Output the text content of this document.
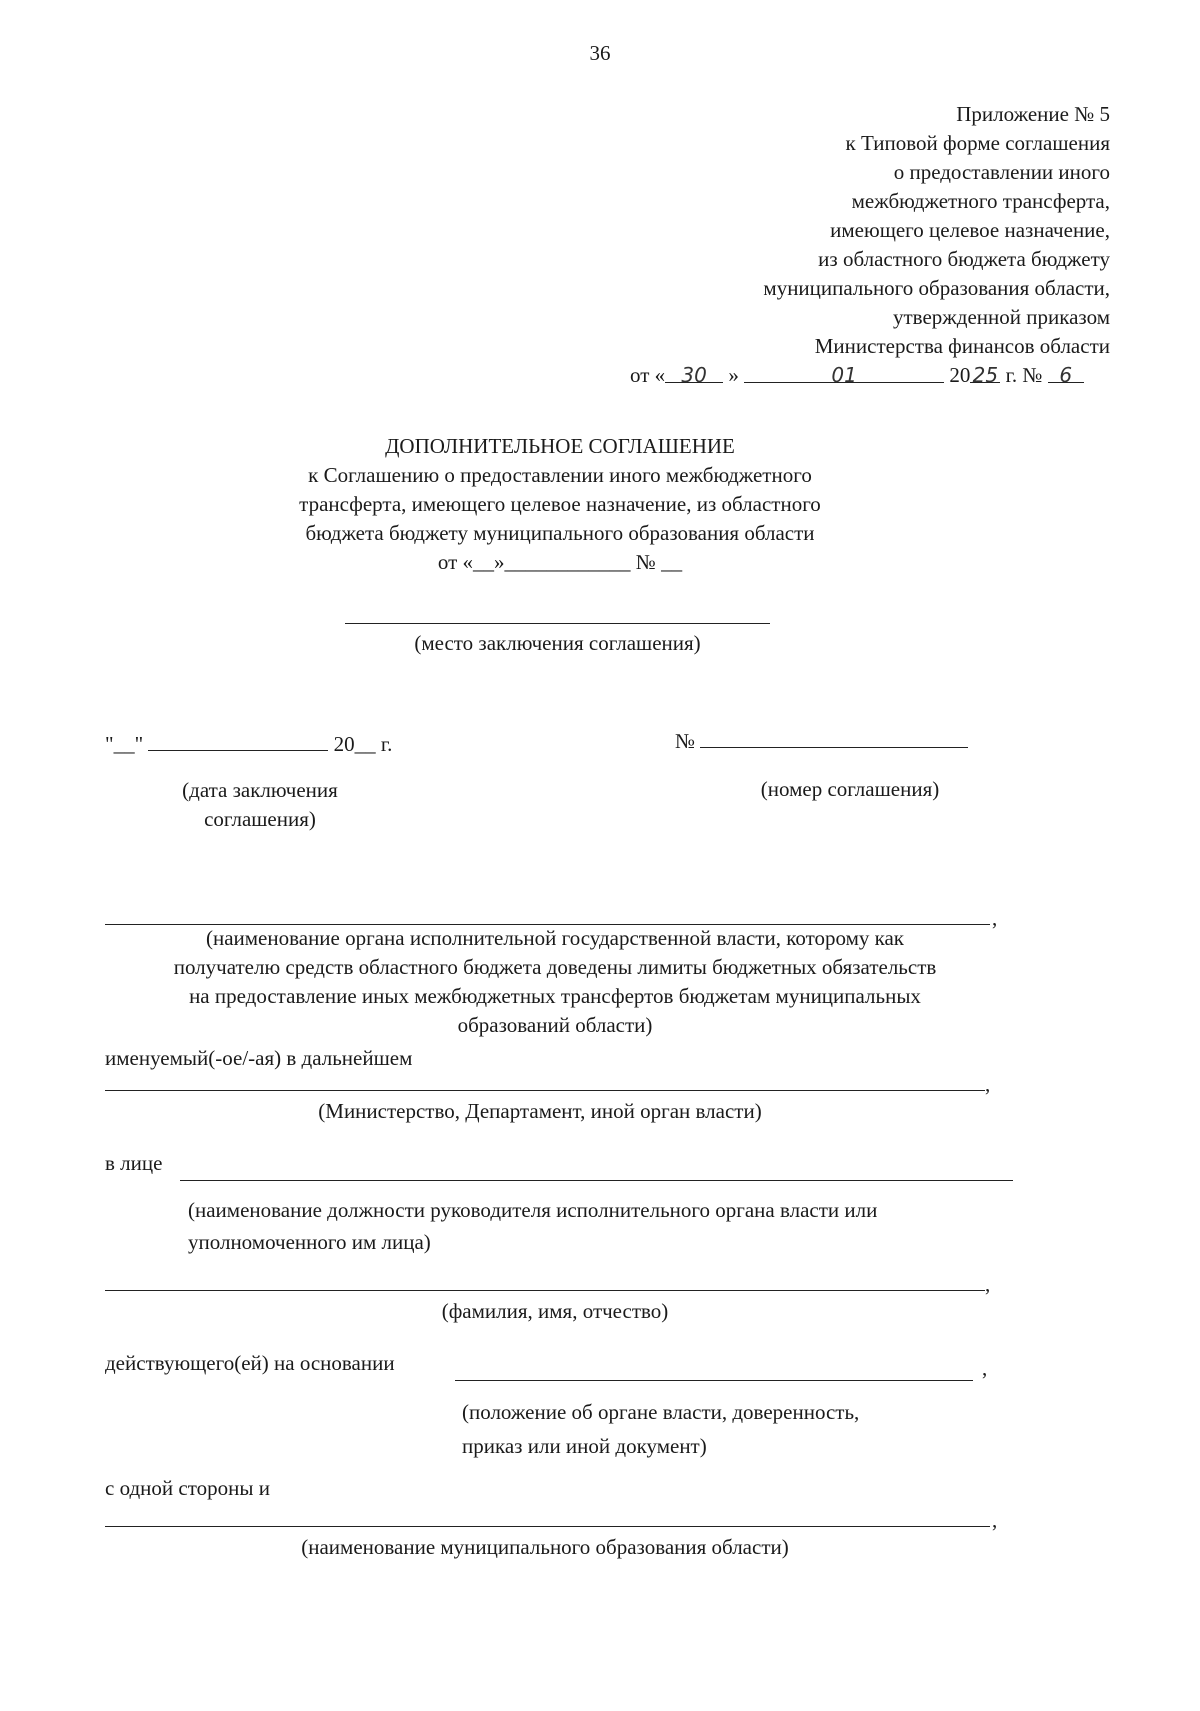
36
Приложение № 5
к Типовой форме соглашения
о предоставлении иного
межбюджетного трансферта,
имеющего целевое назначение,
из областного бюджета бюджету
муниципального образования области,
утвержденной приказом
Министерства финансов области
от « 30 »	01	20 25 г. № 6
ДОПОЛНИТЕЛЬНОЕ СОГЛАШЕНИЕ
к Соглашению о предоставлении иного межбюджетного
трансферта, имеющего целевое назначение, из областного
бюджета бюджету муниципального образования области
от «__»____________ № __
(место заключения соглашения)
"__"	20__ г.
(дата заключения
соглашения)
№
(номер соглашения)
,
(наименование органа исполнительной государственной власти, которому как
получателю средств областного бюджета доведены лимиты бюджетных обязательств
на предоставление иных межбюджетных трансфертов бюджетам муниципальных
образований области)
именуемый(-ое/-ая) в дальнейшем
,
(Министерство, Департамент, иной орган власти)
в лице
(наименование должности руководителя исполнительного органа власти или
уполномоченного им лица)
,
(фамилия, имя, отчество)
действующего(ей) на основании	,
(положение об органе власти, доверенность,
приказ или иной документ)
с одной стороны и
,
(наименование муниципального образования области)
